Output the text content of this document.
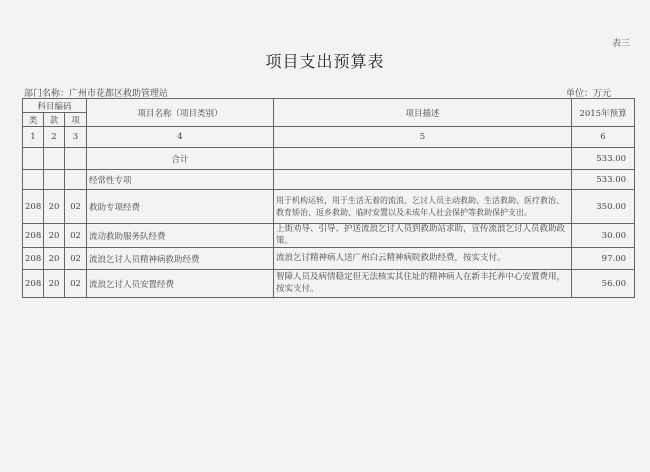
表三
项目支出预算表
部门名称：广州市花都区救助管理站	单位：万元
科目编码			项目名称（项目类别）	项目描述	2015年预算
类	款	项			
1	2	3	4	5	6
			合计		533.00
			经常性专项		533.00
208	20	02	救助专项经费	用于机构运转，用于生活无着的流浪、乞讨人员主动救助、生活救助、医疗救治、教育矫治、返乡救助、临时安置以及未成年人社会保护等救助保护支出。	350.00
208	20	02	流动救助服务队经费	上街劝导、引导、护送流浪乞讨人员到救助站求助，宣传流浪乞讨人员救助政策。	30.00
208	20	02	流浪乞讨人员精神病救助经费	流浪乞讨精神病人送广州白云精神病院救助经费，按实支付。	97.00
208	20	02	流浪乞讨人员安置经费	智障人员及病情稳定但无法核实其住址的精神病人在新丰托养中心安置费用，按实支付。	56.00
